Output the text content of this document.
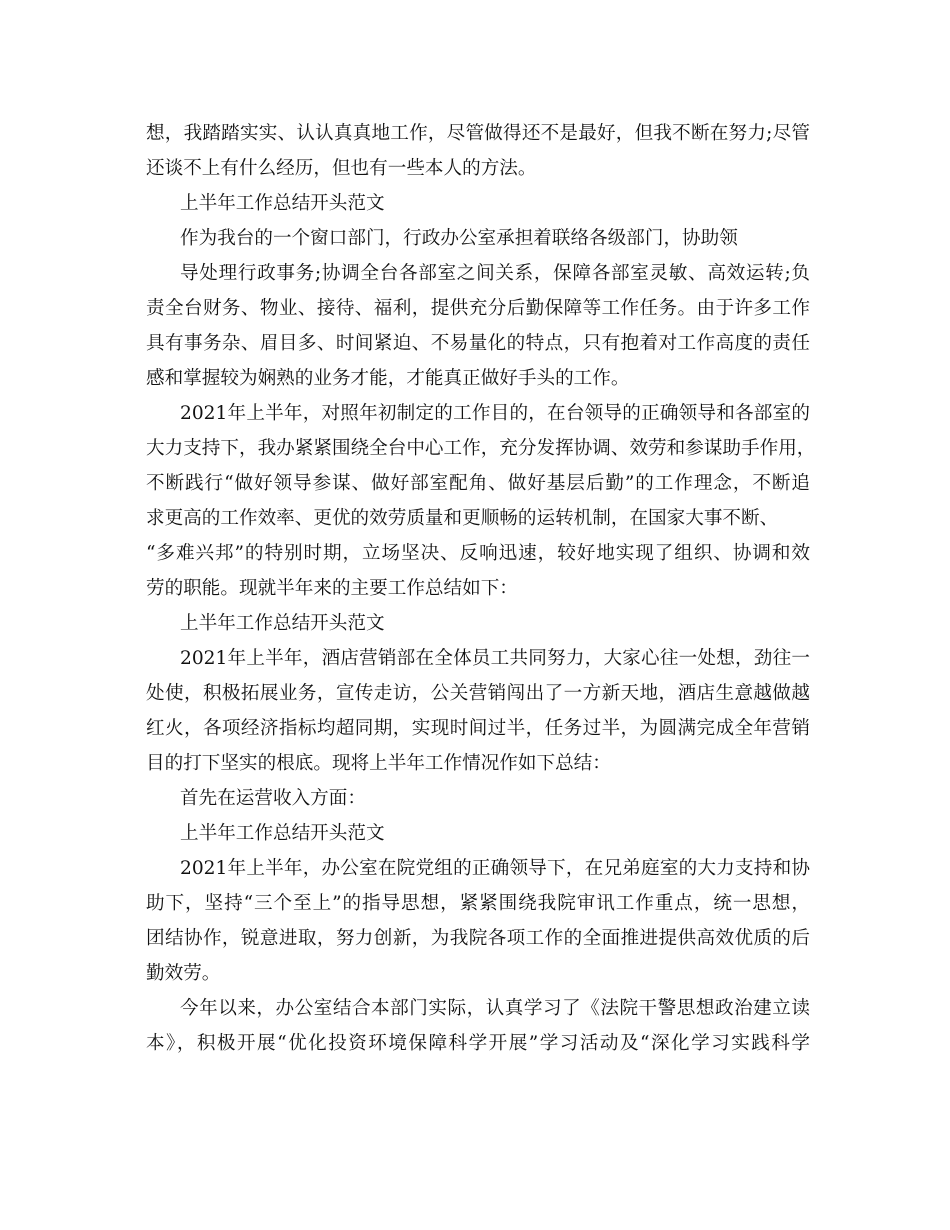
想，我踏踏实实、认认真真地工作，尽管做得还不是最好，但我不断在努力;尽管
还谈不上有什么经历，但也有一些本人的方法。
上半年工作总结开头范文
作为我台的一个窗口部门，行政办公室承担着联络各级部门，协助领
导处理行政事务;协调全台各部室之间关系，保障各部室灵敏、高效运转;负
责全台财务、物业、接待、福利，提供充分后勤保障等工作任务。由于许多工作
具有事务杂、眉目多、时间紧迫、不易量化的特点，只有抱着对工作高度的责任
感和掌握较为娴熟的业务才能，才能真正做好手头的工作。
2021年上半年，对照年初制定的工作目的，在台领导的正确领导和各部室的
大力支持下，我办紧紧围绕全台中心工作，充分发挥协调、效劳和参谋助手作用，
不断践行“做好领导参谋、做好部室配角、做好基层后勤”的工作理念，不断追
求更高的工作效率、更优的效劳质量和更顺畅的运转机制，在国家大事不断、
“多难兴邦”的特别时期，立场坚决、反响迅速，较好地实现了组织、协调和效
劳的职能。现就半年来的主要工作总结如下：
上半年工作总结开头范文
2021年上半年，酒店营销部在全体员工共同努力，大家心往一处想，劲往一
处使，积极拓展业务，宣传走访，公关营销闯出了一方新天地，酒店生意越做越
红火，各项经济指标均超同期，实现时间过半，任务过半，为圆满完成全年营销
目的打下坚实的根底。现将上半年工作情况作如下总结：
首先在运营收入方面：
上半年工作总结开头范文
2021年上半年，办公室在院党组的正确领导下，在兄弟庭室的大力支持和协
助下，坚持“三个至上”的指导思想，紧紧围绕我院审讯工作重点，统一思想，
团结协作，锐意进取，努力创新，为我院各项工作的全面推进提供高效优质的后
勤效劳。
今年以来，办公室结合本部门实际，认真学习了《法院干警思想政治建立读
本》，积极开展“优化投资环境保障科学开展”学习活动及“深化学习实践科学
